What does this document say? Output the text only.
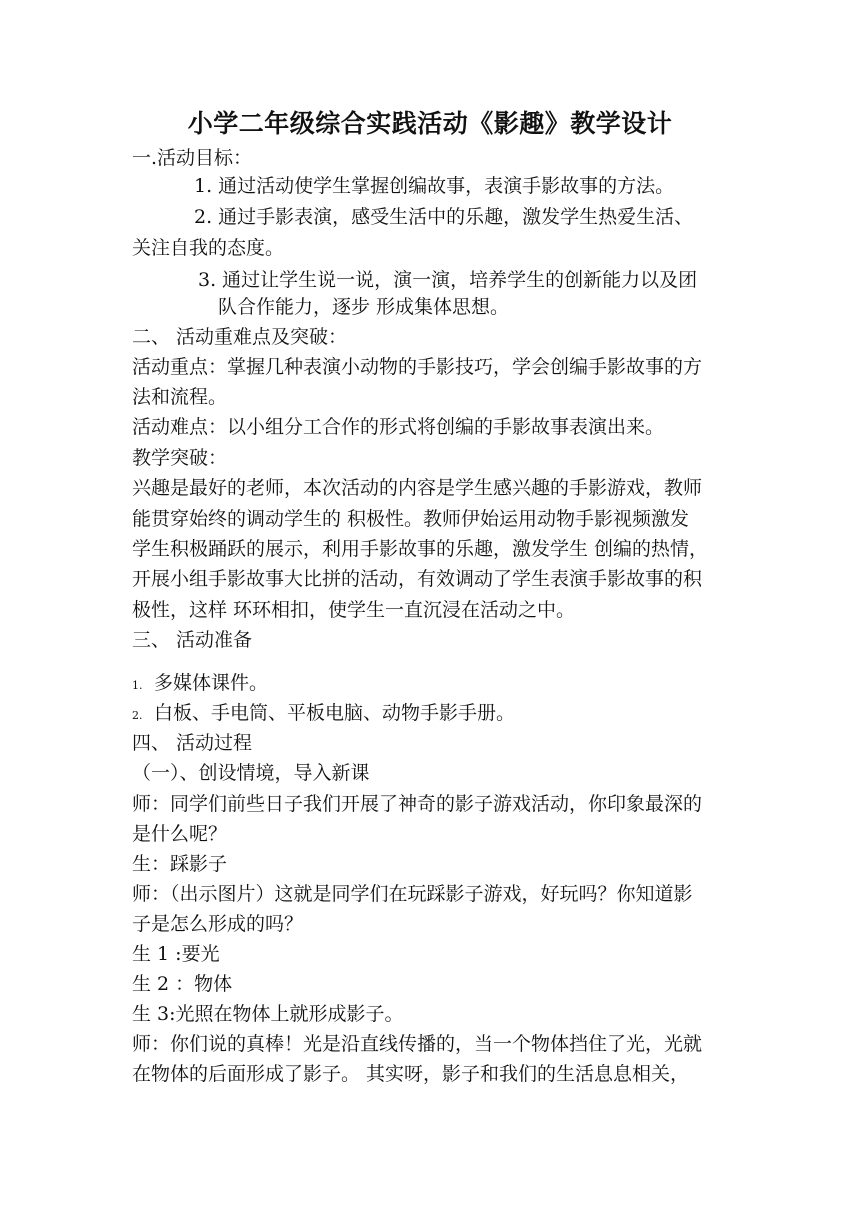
小学二年级综合实践活动《影趣》教学设计
一.活动目标：
1. 通过活动使学生掌握创编故事，表演手影故事的方法。
2. 通过手影表演，感受生活中的乐趣，激发学生热爱生活、
关注自我的态度。
3. 通过让学生说一说，演一演，培养学生的创新能力以及团
队合作能力，逐步 形成集体思想。
二、 活动重难点及突破：
活动重点：掌握几种表演小动物的手影技巧，学会创编手影故事的方
法和流程。
活动难点：以小组分工合作的形式将创编的手影故事表演出来。
教学突破：
兴趣是最好的老师，本次活动的内容是学生感兴趣的手影游戏，教师
能贯穿始终的调动学生的 积极性。教师伊始运用动物手影视频激发
学生积极踊跃的展示，利用手影故事的乐趣，激发学生 创编的热情，
开展小组手影故事大比拼的活动，有效调动了学生表演手影故事的积
极性，这样 环环相扣，使学生一直沉浸在活动之中。
三、 活动准备
1. 多媒体课件。
2. 白板、手电筒、平板电脑、动物手影手册。
四、 活动过程
（一）、创设情境，导入新课
师：同学们前些日子我们开展了神奇的影子游戏活动，你印象最深的
是什么呢？
生：踩影子
师：（出示图片）这就是同学们在玩踩影子游戏，好玩吗？你知道影
子是怎么形成的吗？
生 1 :要光
生 2 ：物体
生 3:光照在物体上就形成影子。
师：你们说的真棒！光是沿直线传播的，当一个物体挡住了光，光就
在物体的后面形成了影子。 其实呀，影子和我们的生活息息相关，
